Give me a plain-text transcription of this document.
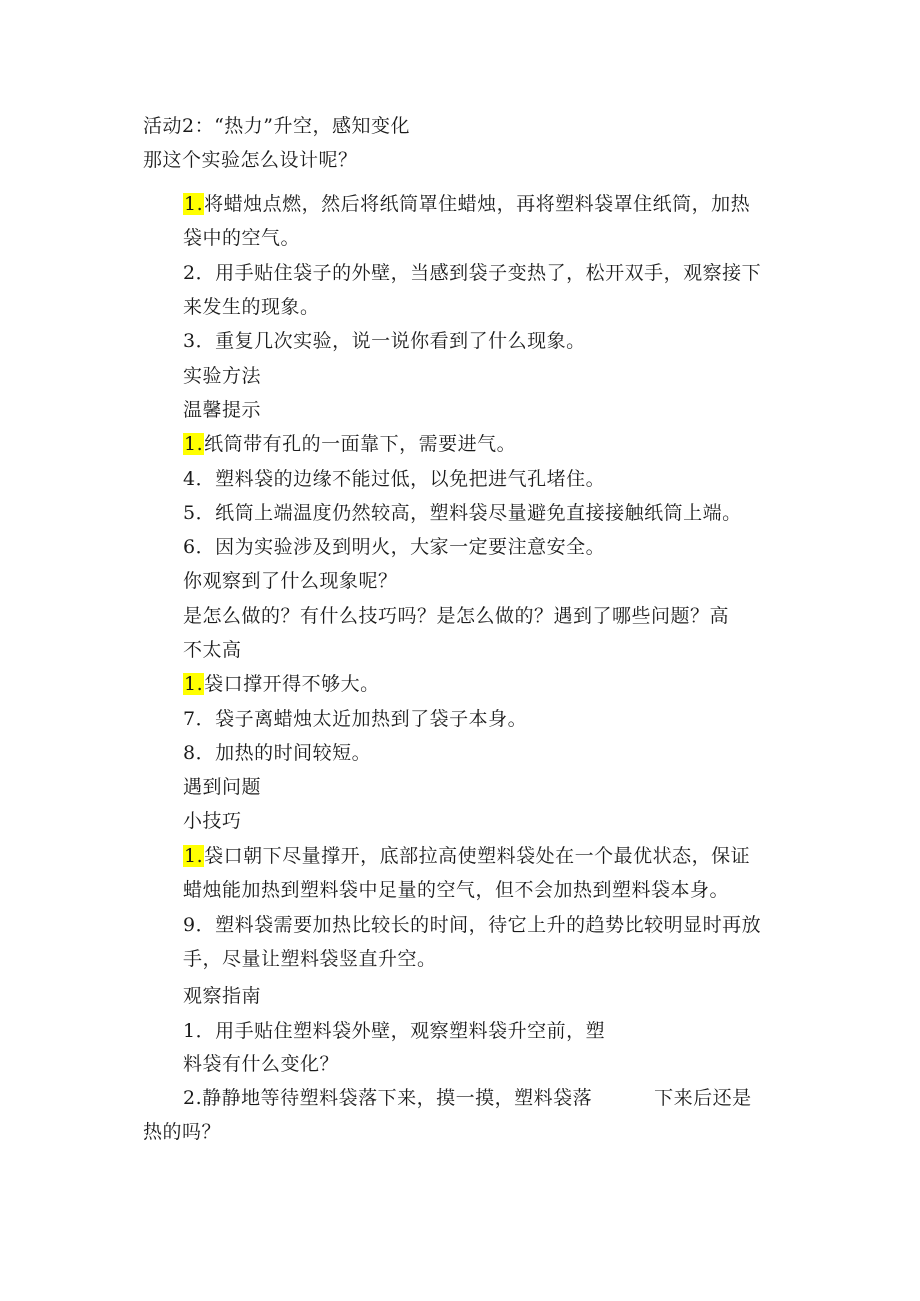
活动2：“热力”升空，感知变化
那这个实验怎么设计呢？
1.将蜡烛点燃，然后将纸筒罩住蜡烛，再将塑料袋罩住纸筒，加热
袋中的空气。
2．用手贴住袋子的外壁，当感到袋子变热了，松开双手，观察接下
来发生的现象。
3．重复几次实验，说一说你看到了什么现象。
实验方法
温馨提示
1.纸筒带有孔的一面靠下，需要进气。
4．塑料袋的边缘不能过低，以免把进气孔堵住。
5．纸筒上端温度仍然较高，塑料袋尽量避免直接接触纸筒上端。
6．因为实验涉及到明火，大家一定要注意安全。
你观察到了什么现象呢？
是怎么做的？有什么技巧吗？是怎么做的？遇到了哪些问题？高
不太高
1.袋口撑开得不够大。
7．袋子离蜡烛太近加热到了袋子本身。
8．加热的时间较短。
遇到问题
小技巧
1.袋口朝下尽量撑开，底部拉高使塑料袋处在一个最优状态，保证
蜡烛能加热到塑料袋中足量的空气，但不会加热到塑料袋本身。
9．塑料袋需要加热比较长的时间，待它上升的趋势比较明显时再放
手，尽量让塑料袋竖直升空。
观察指南
1．用手贴住塑料袋外壁，观察塑料袋升空前，塑
料袋有什么变化？
2.静静地等待塑料袋落下来，摸一摸，塑料袋落	下来后还是
热的吗？
